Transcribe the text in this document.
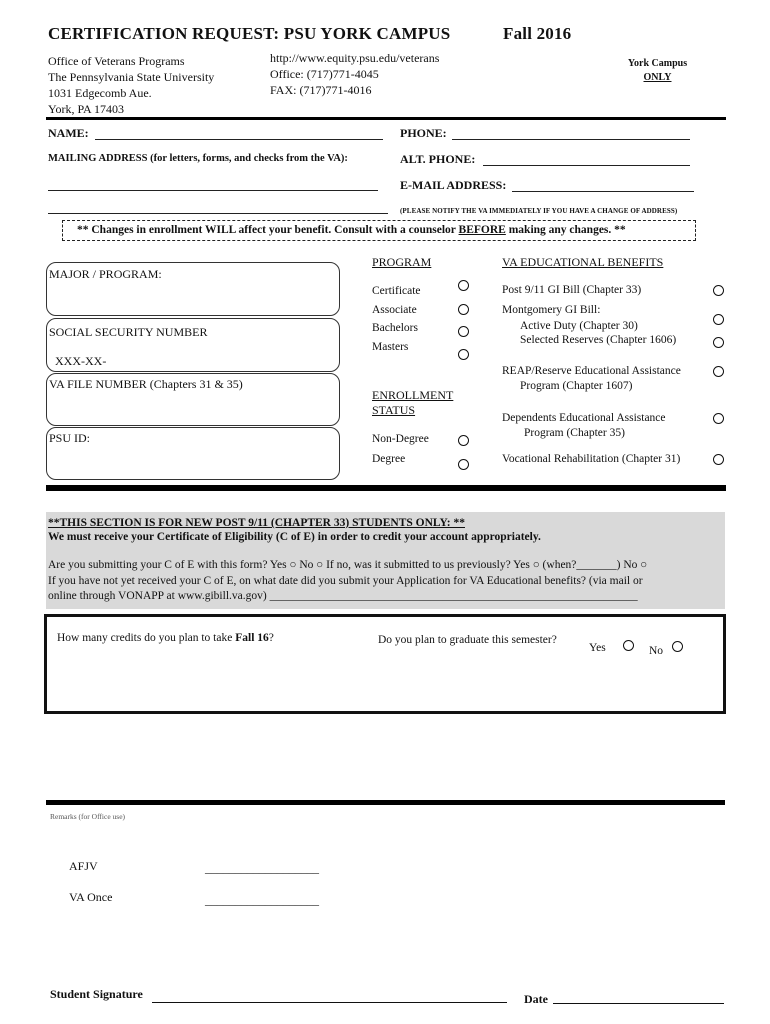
CERTIFICATION REQUEST: PSU YORK CAMPUS	Fall 2016
Office of Veterans Programs
The Pennsylvania State University
1031 Edgecomb Aue.
York, PA 17403
http://www.equity.psu.edu/veterans
Office: (717)771-4045
FAX: (717)771-4016
York Campus
ONLY
NAME:	PHONE:
MAILING ADDRESS (for letters, forms, and checks from the VA):	ALT. PHONE:
E-MAIL ADDRESS:
(PLEASE NOTIFY THE VA IMMEDIATELY IF YOU HAVE A CHANGE OF ADDRESS)
** Changes in enrollment WILL affect your benefit. Consult with a counselor BEFORE making any changes. **
MAJOR / PROGRAM:
SOCIAL SECURITY NUMBER
XXX-XX-
VA FILE NUMBER (Chapters 31 & 35)
PSU ID:
PROGRAM
Certificate
Associate
Bachelors
Masters
ENROLLMENT
STATUS
Non-Degree
Degree
VA EDUCATIONAL BENEFITS
Post 9/11 GI Bill (Chapter 33)
Montgomery GI Bill:
Active Duty (Chapter 30)
Selected Reserves (Chapter 1606)
REAP/Reserve Educational Assistance
Program (Chapter 1607)
Dependents Educational Assistance
Program (Chapter 35)
Vocational Rehabilitation (Chapter 31)
**THIS SECTION IS FOR NEW POST 9/11 (CHAPTER 33) STUDENTS ONLY: **
We must receive your Certificate of Eligibility (C of E) in order to credit your account appropriately.
Are you submitting your C of E with this form? Yes ○ No ○ If no, was it submitted to us previously? Yes ○ (when?_______) No ○
If you have not yet received your C of E, on what date did you submit your Application for VA Educational benefits? (via mail or
online through VONAPP at www.gibill.va.gov) ________________________________________________________________
How many credits do you plan to take Fall 16?	Do you plan to graduate this semester?
Yes	No
Remarks (for Office use)
AFJV	___________________
VA Once	___________________
Student Signature	Date
